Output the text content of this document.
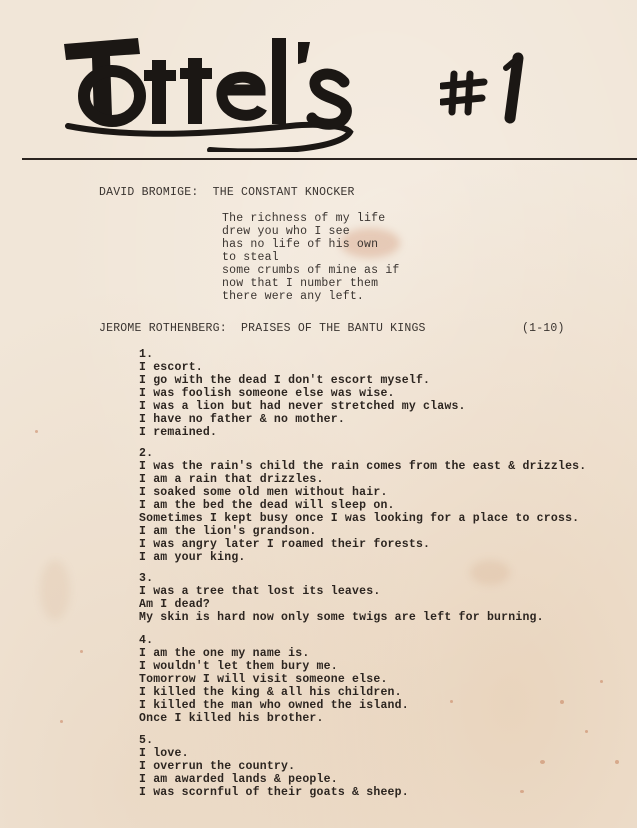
DAVID BROMIGE:  THE CONSTANT KNOCKER
The richness of my life
drew you who I see
has no life of his own
to steal
some crumbs of mine as if
now that I number them
there were any left.
JEROME ROTHENBERG:  PRAISES OF THE BANTU KINGS	(1-10)
1.
I escort.
I go with the dead I don't escort myself.
I was foolish someone else was wise.
I was a lion but had never stretched my claws.
I have no father & no mother.
I remained.
2.
I was the rain's child the rain comes from the east & drizzles.
I am a rain that drizzles.
I soaked some old men without hair.
I am the bed the dead will sleep on.
Sometimes I kept busy once I was looking for a place to cross.
I am the lion's grandson.
I was angry later I roamed their forests.
I am your king.
3.
I was a tree that lost its leaves.
Am I dead?
My skin is hard now only some twigs are left for burning.
4.
I am the one my name is.
I wouldn't let them bury me.
Tomorrow I will visit someone else.
I killed the king & all his children.
I killed the man who owned the island.
Once I killed his brother.
5.
I love.
I overrun the country.
I am awarded lands & people.
I was scornful of their goats & sheep.
